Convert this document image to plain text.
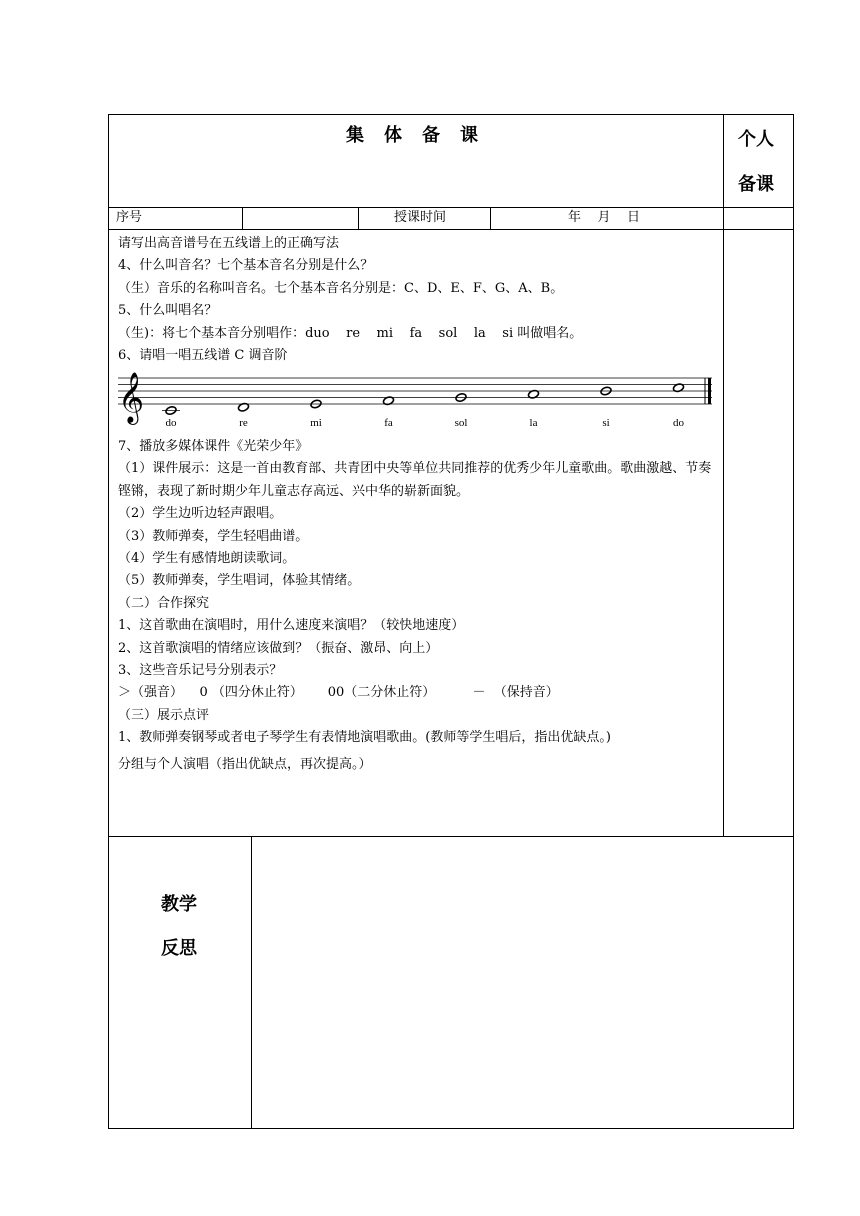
集体备课	个人
备课
序号	授课时间	年    月    日
请写出高音谱号在五线谱上的正确写法
4、什么叫音名？七个基本音名分别是什么？
（生）音乐的名称叫音名。七个基本音名分别是：C、D、E、F、G、A、B。
5、什么叫唱名？
（生)：将七个基本音分别唱作：duo    re    mi    fa    sol    la    si 叫做唱名。
6、请唱一唱五线谱 C 调音阶
𝄞 do	re	mi	fa	sol	la	si	do
7、播放多媒体课件《光荣少年》
（1）课件展示：这是一首由教育部、共青团中央等单位共同推荐的优秀少年儿童歌曲。歌曲激越、节奏铿锵，表现了新时期少年儿童志存高远、兴中华的崭新面貌。
（2）学生边听边轻声跟唱。
（3）教师弹奏，学生轻唱曲谱。
（4）学生有感情地朗读歌词。
（5）教师弹奏，学生唱词，体验其情绪。
（二）合作探究
1、这首歌曲在演唱时，用什么速度来演唱？（较快地速度）
2、这首歌演唱的情绪应该做到？（振奋、激昂、向上）
3、这些音乐记号分别表示？
＞（强音）    0 （四分休止符）      00（二分休止符）         －  （保持音）
（三）展示点评
1、教师弹奏钢琴或者电子琴学生有表情地演唱歌曲。(教师等学生唱后，指出优缺点。)
分组与个人演唱（指出优缺点，再次提高。）
教学
反思
